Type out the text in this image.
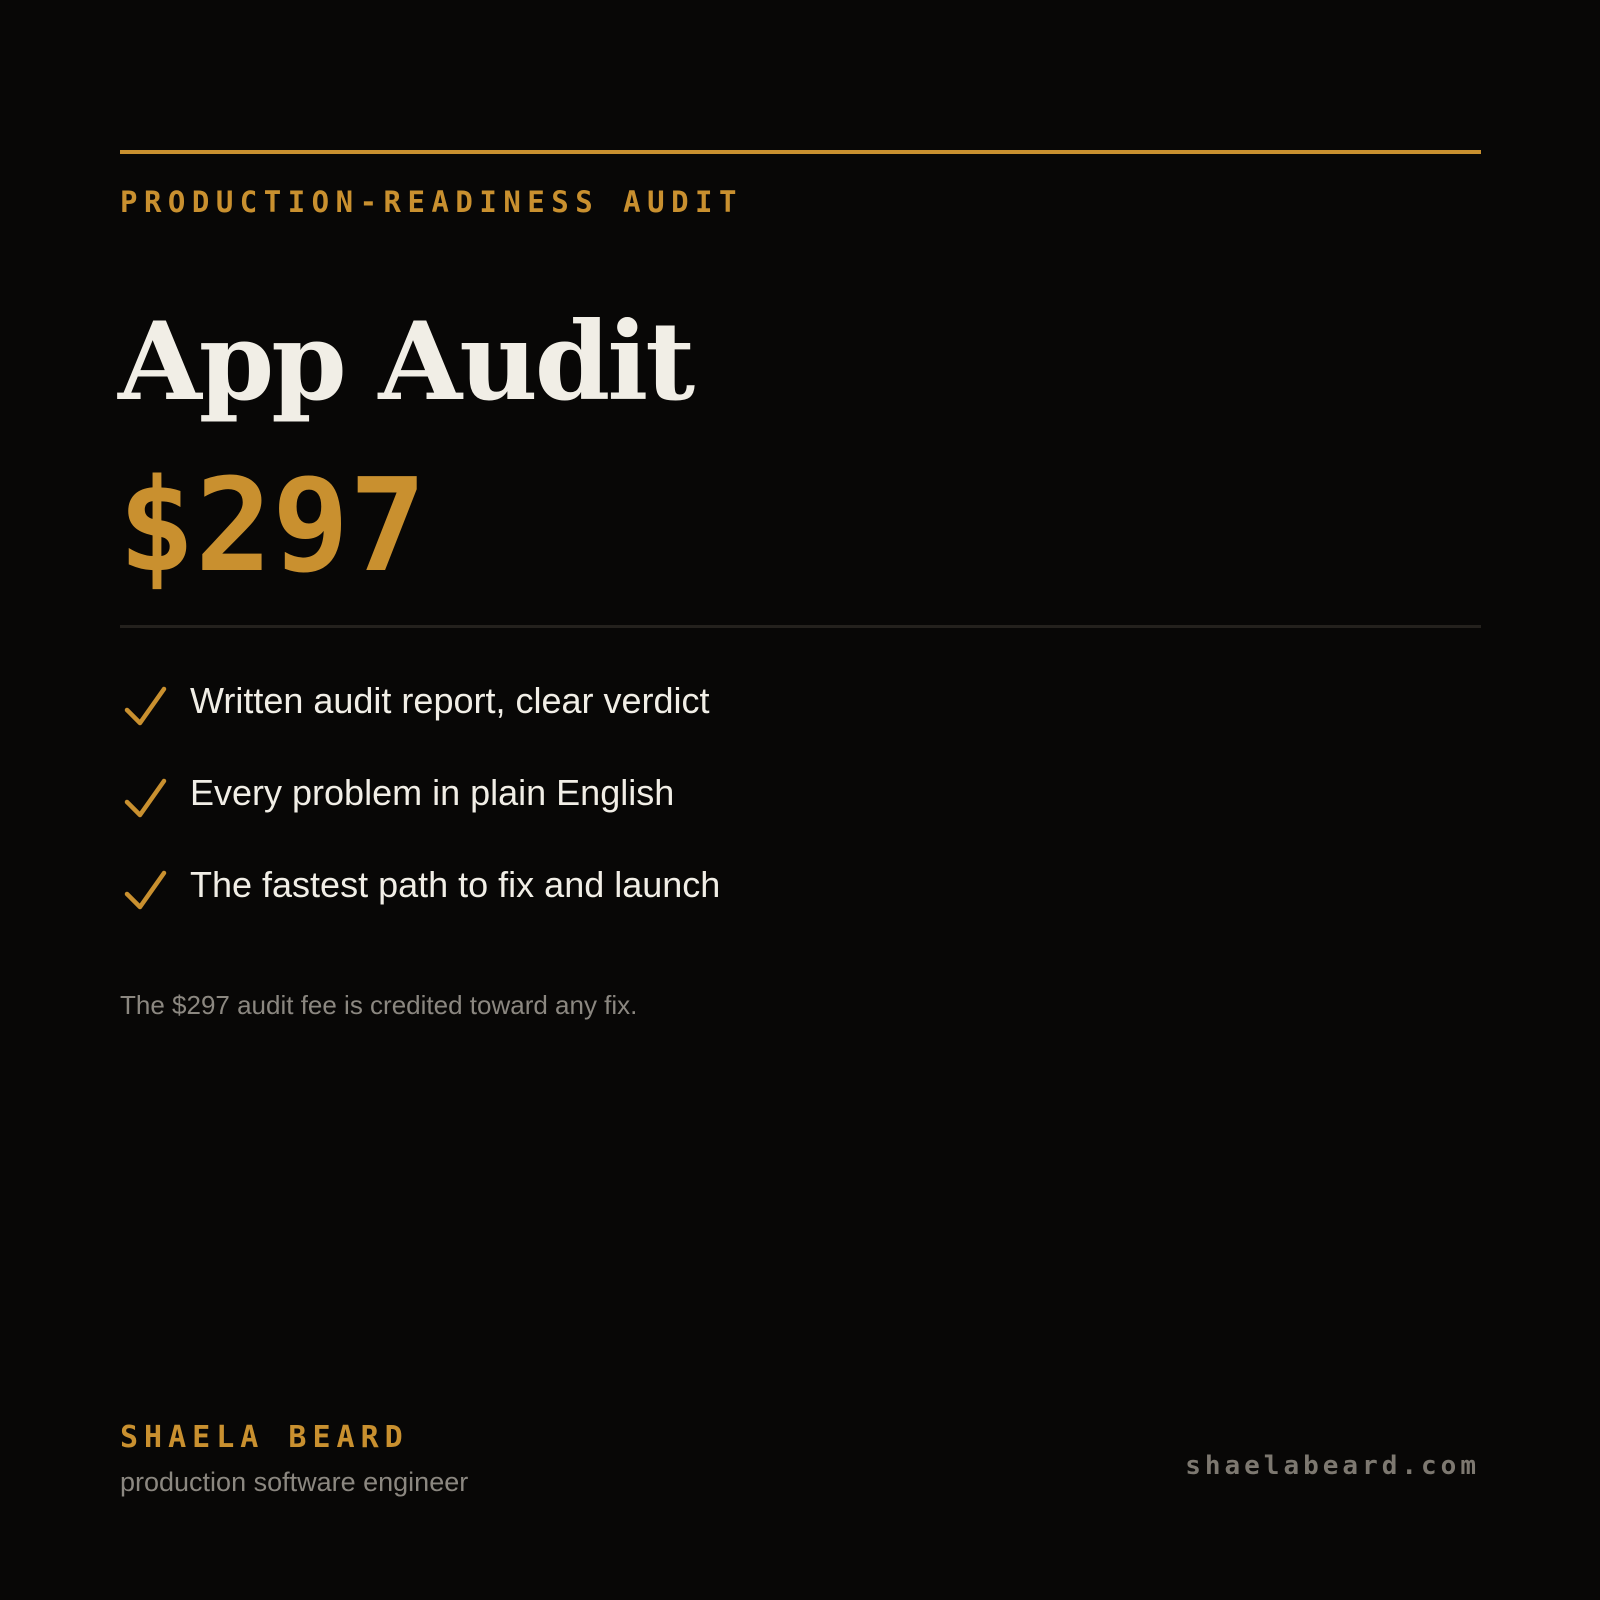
PRODUCTION-READINESS AUDIT
App Audit
$297
Written audit report, clear verdict
Every problem in plain English
The fastest path to fix and launch
The $297 audit fee is credited toward any fix.
SHAELA BEARD
production software engineer
shaelabeard.com
